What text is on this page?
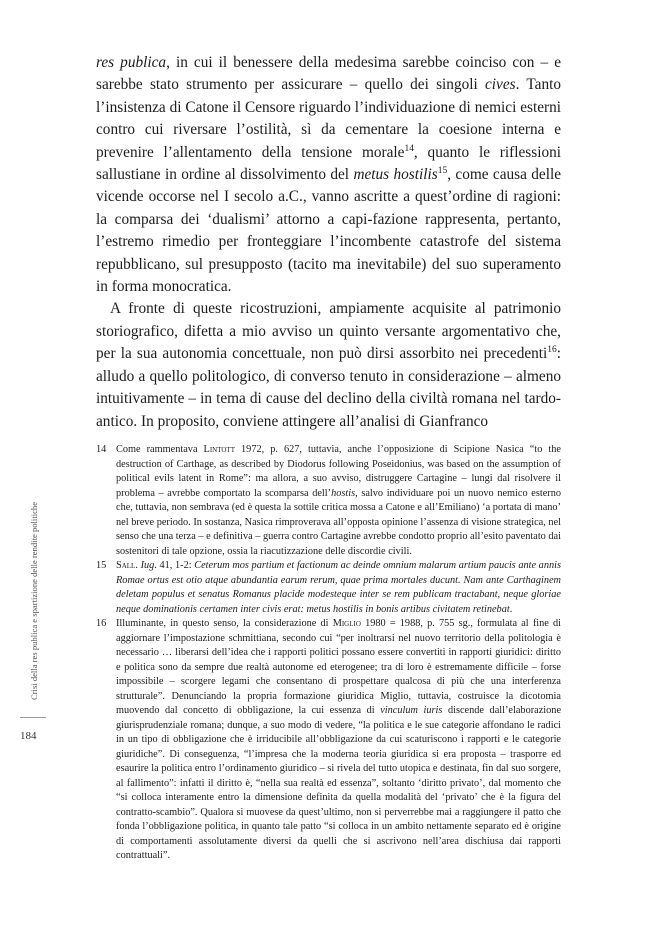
res publica, in cui il benessere della medesima sarebbe coinciso con – e sarebbe stato strumento per assicurare – quello dei singoli cives. Tanto l’insistenza di Catone il Censore riguardo l’individuazione di nemici esterni contro cui riversare l’ostilità, sì da cementare la coesione interna e prevenire l’allentamento della tensione morale$^{14}$, quanto le riflessioni sallustiane in ordine al dissolvimento del metus hostilis$^{15}$, come causa delle vicende occorse nel I secolo a.C., vanno ascritte a quest’ordine di ragioni: la comparsa dei ‘dualismi’ attorno a capi-fazione rappresenta, pertanto, l’estremo rimedio per fronteggiare l’incombente catastrofe del sistema repubblicano, sul presupposto (tacito ma inevitabile) del suo superamento in forma monocratica.

A fronte di queste ricostruzioni, ampiamente acquisite al patrimonio storiografico, difetta a mio avviso un quinto versante argomentativo che, per la sua autonomia concettuale, non può dirsi assorbito nei precedenti$^{16}$: alludo a quello politologico, di converso tenuto in considerazione – almeno intuitivamente – in tema di cause del declino della civiltà romana nel tardo-antico. In proposito, conviene attingere all’analisi di Gianfranco

14 Come rammentava Lintott 1972, p. 627, tuttavia, anche l’opposizione di Scipione Nasica “to the destruction of Carthage, as described by Diodorus following Poseidonius, was based on the assumption of political evils latent in Rome”: ma allora, a suo avviso, distruggere Cartagine – lungi dal risolvere il problema – avrebbe comportato la scomparsa dell’hostis, salvo individuare poi un nuovo nemico esterno che, tuttavia, non sembrava (ed è questa la sottile critica mossa a Catone e all’Emiliano) ‘a portata di mano’ nel breve periodo. In sostanza, Nasica rimproverava all’opposta opinione l’assenza di visione strategica, nel senso che una terza – e definitiva – guerra contro Cartagine avrebbe condotto proprio all’esito paventato dai sostenitori di tale opzione, ossia la riacutizzazione delle discordie civili.
15 Sall. Iug. 41, 1-2: Ceterum mos partium et factionum ac deinde omnium malarum artium paucis ante annis Romae ortus est otio atque abundantia earum rerum, quae prima mortales ducunt. Nam ante Carthaginem deletam populus et senatus Romanus placide modesteque inter se rem publicam tractabant, neque gloriae neque dominationis certamen inter civis erat: metus hostilis in bonis artibus civitatem retinebat.
16 Illuminante, in questo senso, la considerazione di Miglio 1980 = 1988, p. 755 sg., formulata al fine di aggiornare l’impostazione schmittiana, secondo cui “per inoltrarsi nel nuovo territorio della politologia è necessario … liberarsi dell’idea che i rapporti politici possano essere convertiti in rapporti giuridici: diritto e politica sono da sempre due realtà autonome ed eterogenee; tra di loro è estremamente difficile – forse impossibile – scorgere legami che consentano di prospettare qualcosa di più che una interferenza strutturale”. Denunciando la propria formazione giuridica Miglio, tuttavia, costruisce la dicotomia muovendo dal concetto di obbligazione, la cui essenza di vinculum iuris discende dall’elaborazione giurisprudenziale romana; dunque, a suo modo di vedere, “la politica e le sue categorie affondano le radici in un tipo di obbligazione che è irriducibile all’obbligazione da cui scaturiscono i rapporti e le categorie giuridiche”. Di conseguenza, “l’impresa che la moderna teoria giuridica si era proposta – trasporre ed esaurire la politica entro l’ordinamento giuridico – si rivela del tutto utopica e destinata, fin dal suo sorgere, al fallimento”: infatti il diritto è, “nella sua realtà ed essenza”, soltanto ‘diritto privato’, dal momento che “si colloca interamente entro la dimensione definita da quella modalità del ‘privato’ che è la figura del contratto-scambio”. Qualora si muovese da quest’ultimo, non si perverrebbe mai a raggiungere il patto che fonda l’obbligazione politica, in quanto tale patto “si colloca in un ambito nettamente separato ed è origine di comportamenti assolutamente diversi da quelli che si ascrivono nell’area dischiusa dai rapporti contrattuali”.
Crisi della res publica e spartizione delle rendite politiche
184
